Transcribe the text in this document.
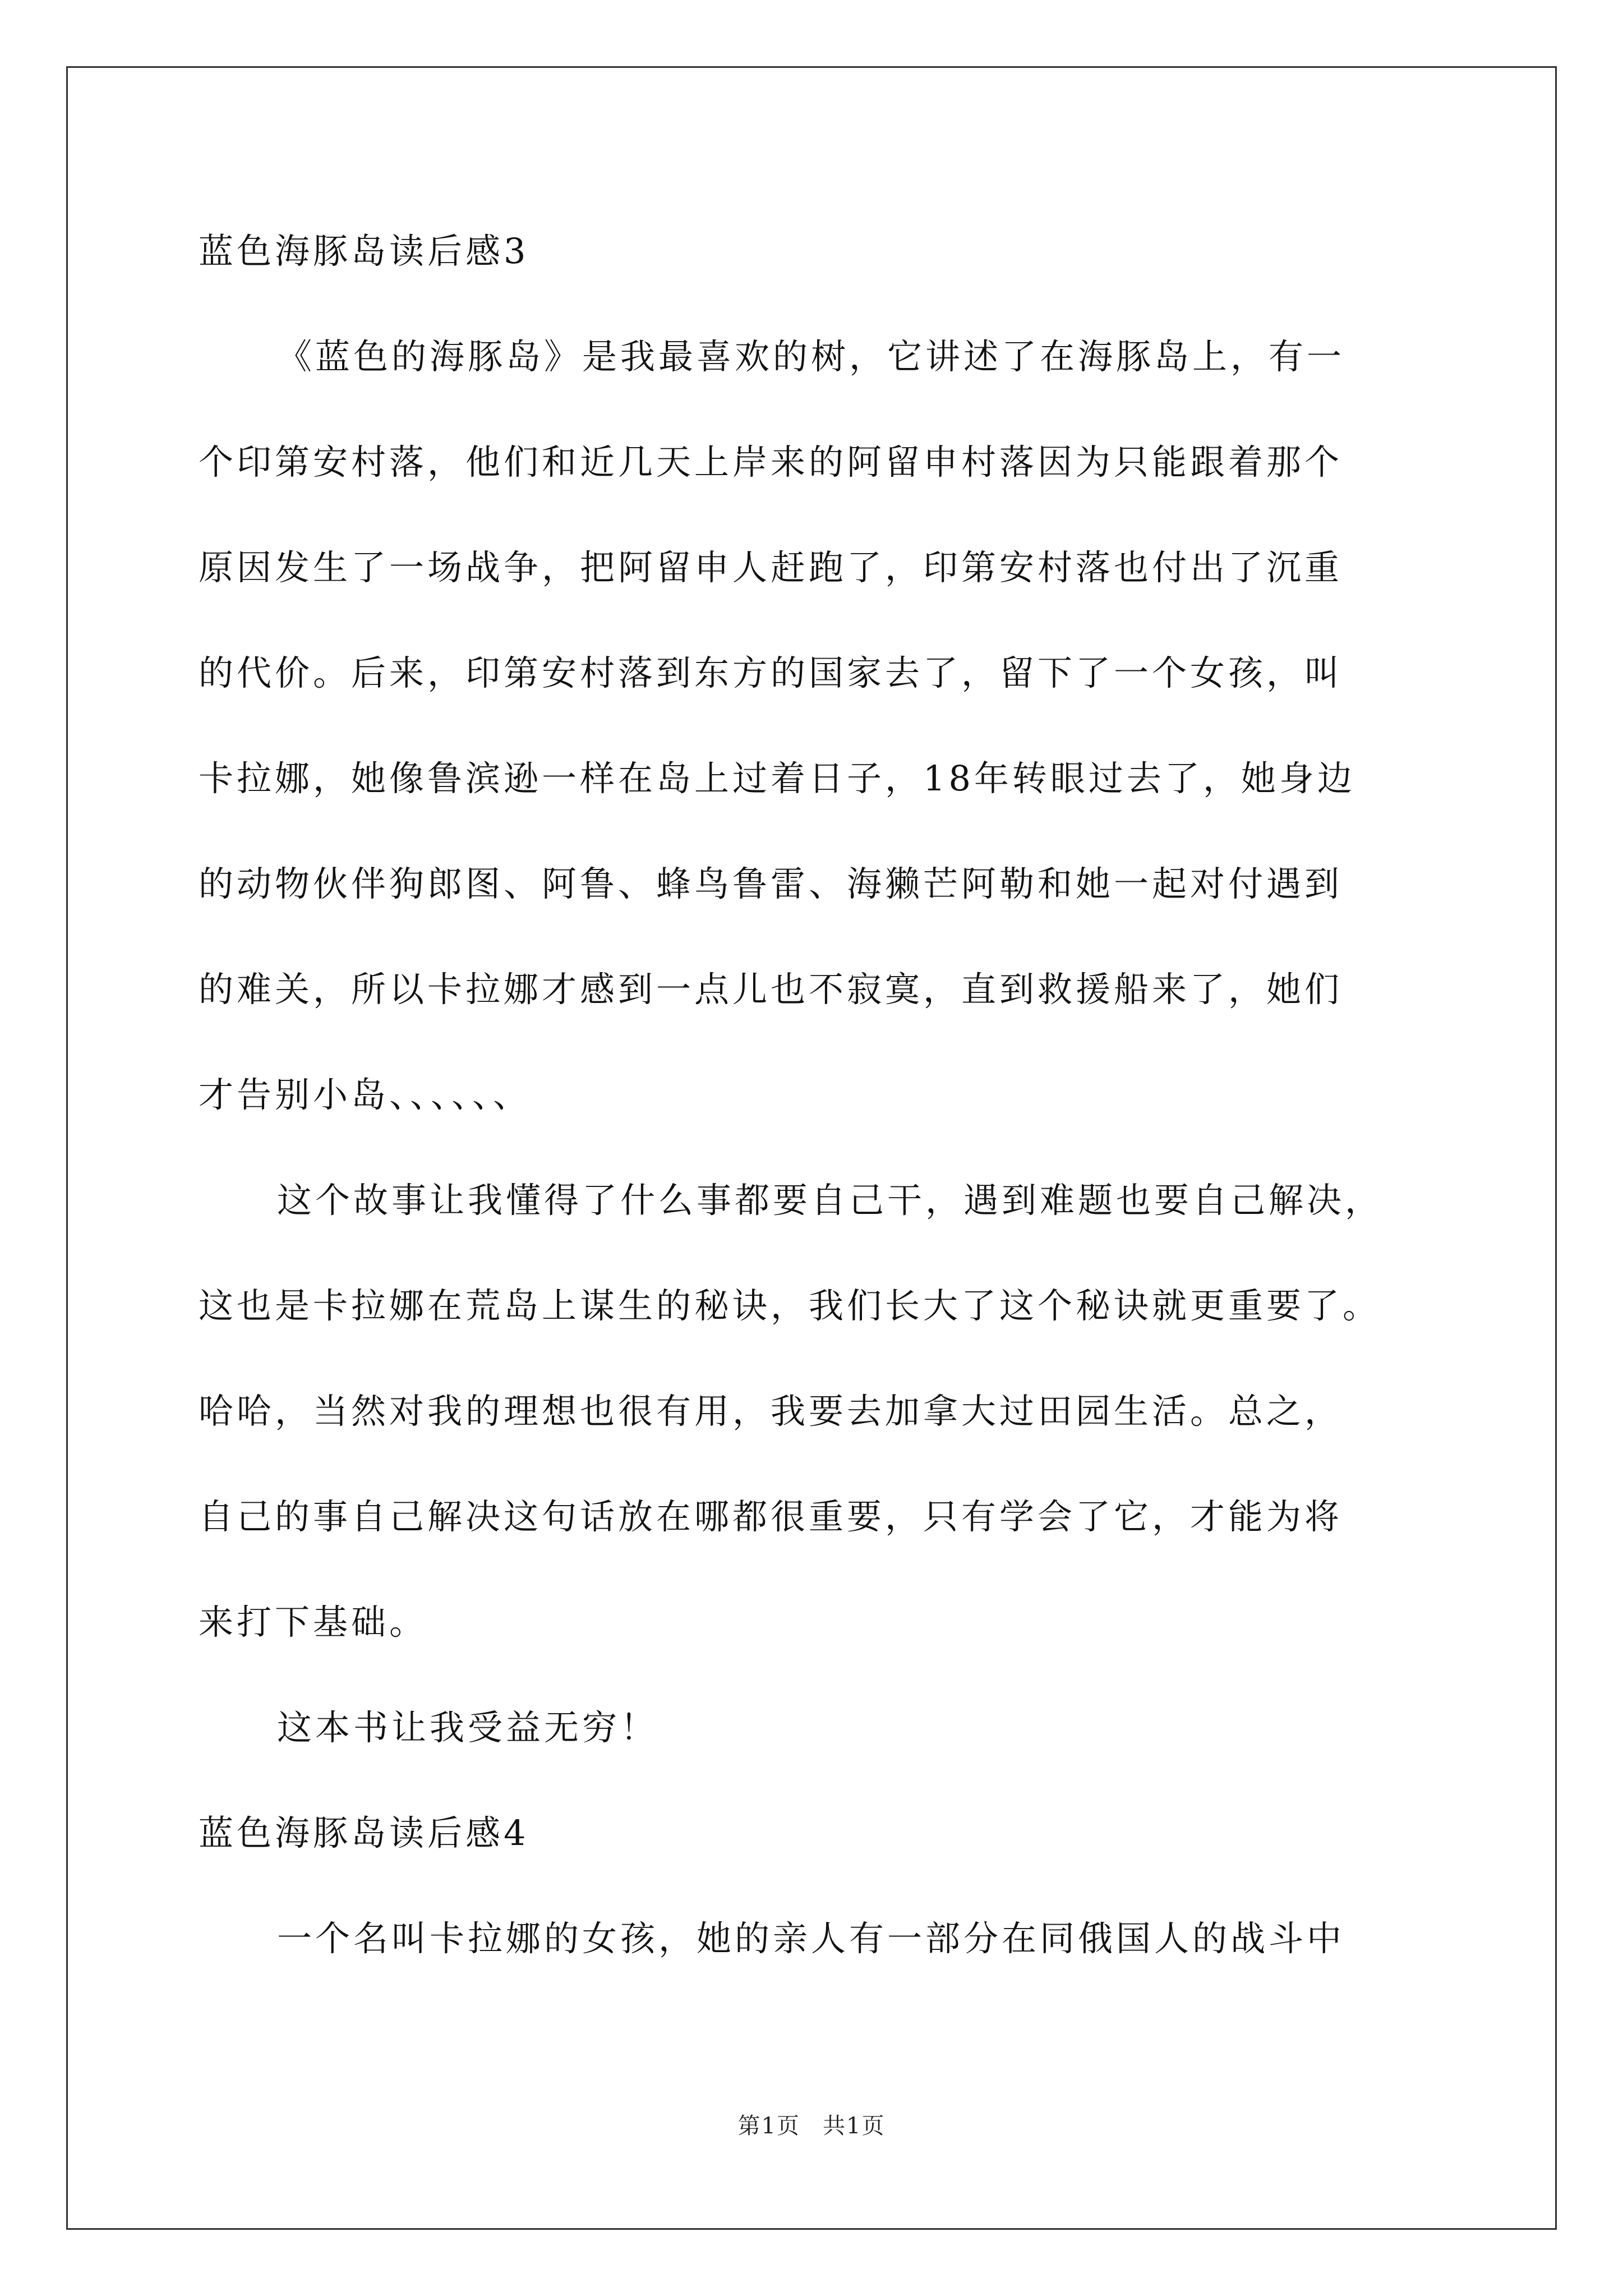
蓝色海豚岛读后感3
《蓝色的海豚岛》是我最喜欢的树，它讲述了在海豚岛上，有一
个印第安村落，他们和近几天上岸来的阿留申村落因为只能跟着那个
原因发生了一场战争，把阿留申人赶跑了，印第安村落也付出了沉重
的代价。后来，印第安村落到东方的国家去了，留下了一个女孩，叫
卡拉娜，她像鲁滨逊一样在岛上过着日子，18年转眼过去了，她身边
的动物伙伴狗郎图、阿鲁、蜂鸟鲁雷、海獭芒阿勒和她一起对付遇到
的难关，所以卡拉娜才感到一点儿也不寂寞，直到救援船来了，她们
才告别小岛、、、、、、
这个故事让我懂得了什么事都要自己干，遇到难题也要自己解决，
这也是卡拉娜在荒岛上谋生的秘诀，我们长大了这个秘诀就更重要了。
哈哈，当然对我的理想也很有用，我要去加拿大过田园生活。总之，
自己的事自己解决这句话放在哪都很重要，只有学会了它，才能为将
来打下基础。
这本书让我受益无穷！
蓝色海豚岛读后感4
一个名叫卡拉娜的女孩，她的亲人有一部分在同俄国人的战斗中
第1页 共1页
